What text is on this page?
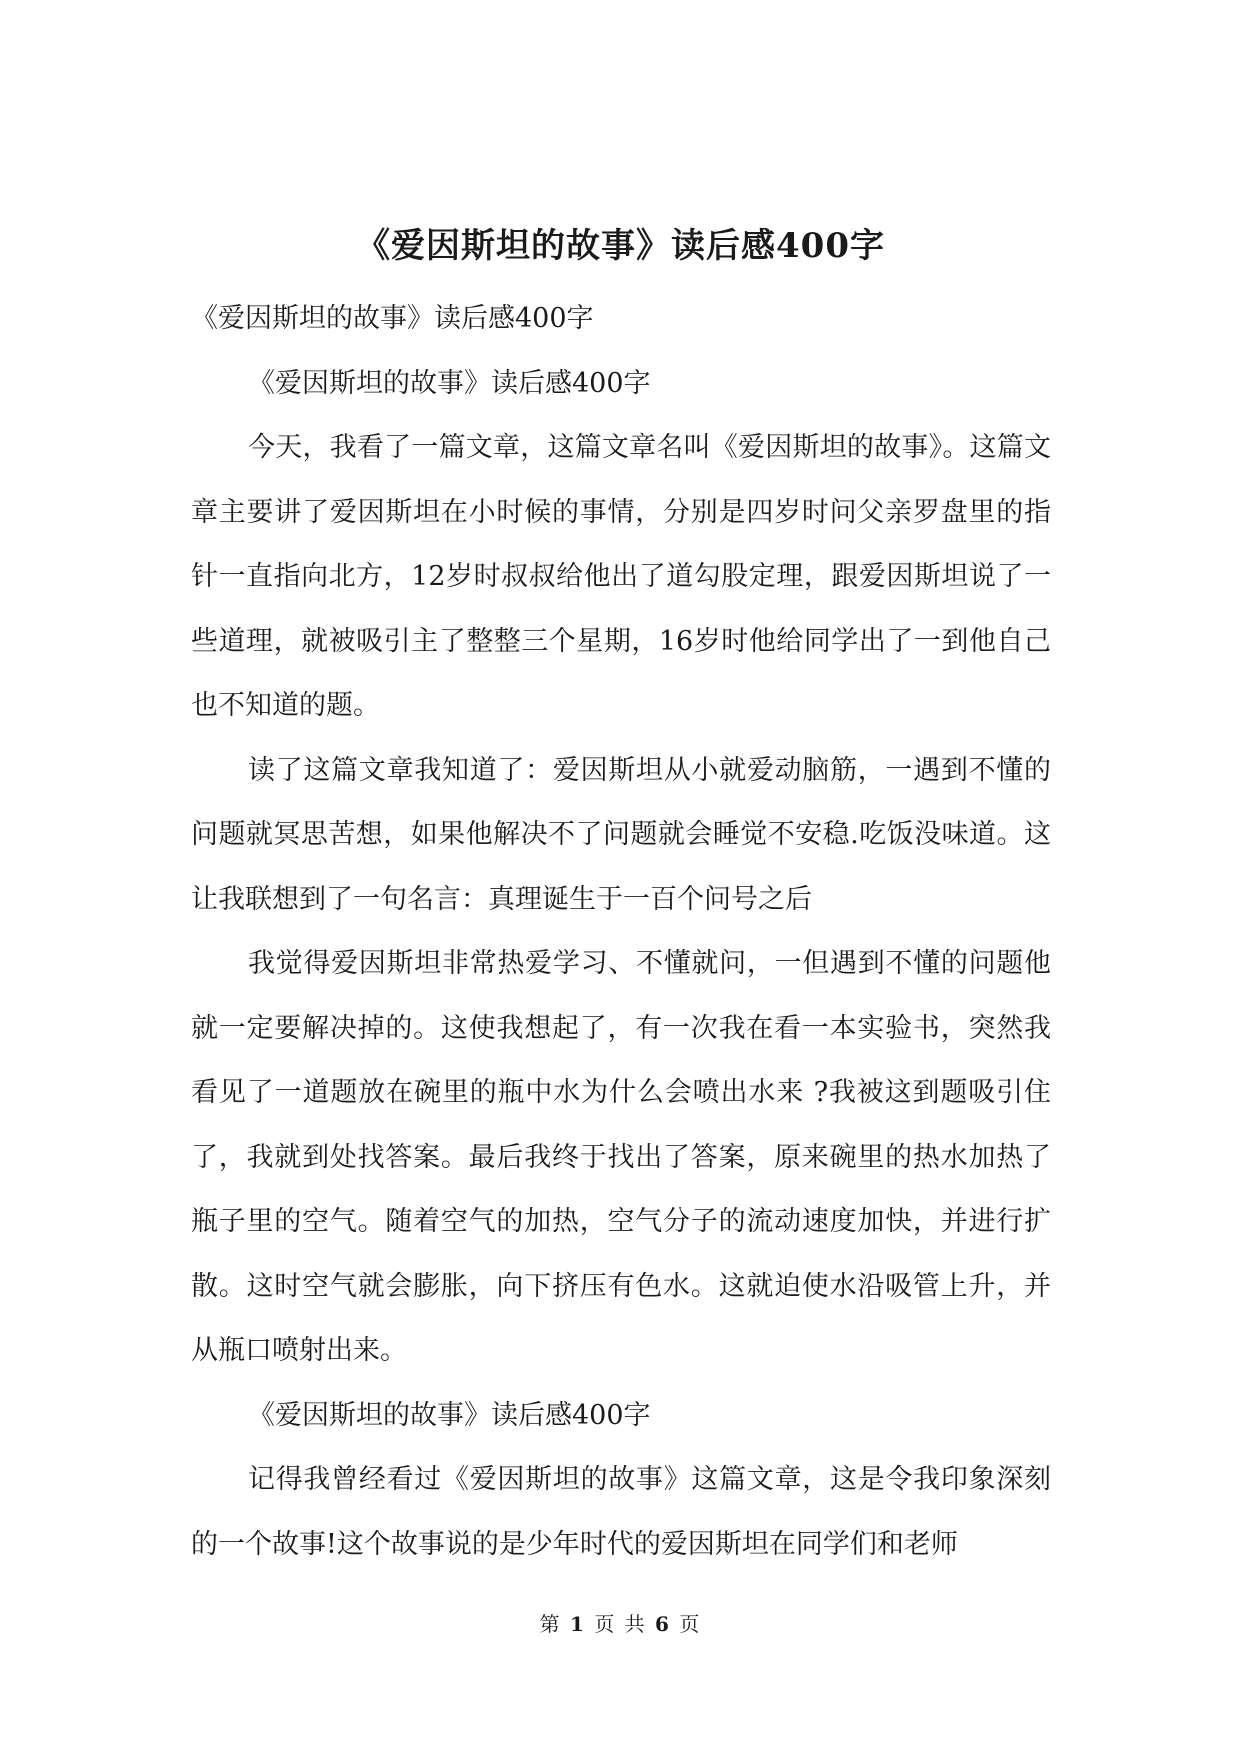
《爱因斯坦的故事》读后感400字

《爱因斯坦的故事》读后感400字

《爱因斯坦的故事》读后感400字

今天，我看了一篇文章，这篇文章名叫《爱因斯坦的故事》。这篇文章主要讲了爱因斯坦在小时候的事情，分别是四岁时问父亲罗盘里的指针一直指向北方，12岁时叔叔给他出了道勾股定理，跟爱因斯坦说了一些道理，就被吸引主了整整三个星期，16岁时他给同学出了一到他自己也不知道的题。

读了这篇文章我知道了：爱因斯坦从小就爱动脑筋，一遇到不懂的问题就冥思苦想，如果他解决不了问题就会睡觉不安稳.吃饭没味道。这让我联想到了一句名言：真理诞生于一百个问号之后

我觉得爱因斯坦非常热爱学习、不懂就问，一但遇到不懂的问题他就一定要解决掉的。这使我想起了，有一次我在看一本实验书，突然我看见了一道题放在碗里的瓶中水为什么会喷出水来 ?我被这到题吸引住了，我就到处找答案。最后我终于找出了答案，原来碗里的热水加热了瓶子里的空气。随着空气的加热，空气分子的流动速度加快，并进行扩散。这时空气就会膨胀，向下挤压有色水。这就迫使水沿吸管上升，并从瓶口喷射出来。

《爱因斯坦的故事》读后感400字

记得我曾经看过《爱因斯坦的故事》这篇文章，这是令我印象深刻的一个故事!这个故事说的是少年时代的爱因斯坦在同学们和老师

第 1 页 共 6 页
